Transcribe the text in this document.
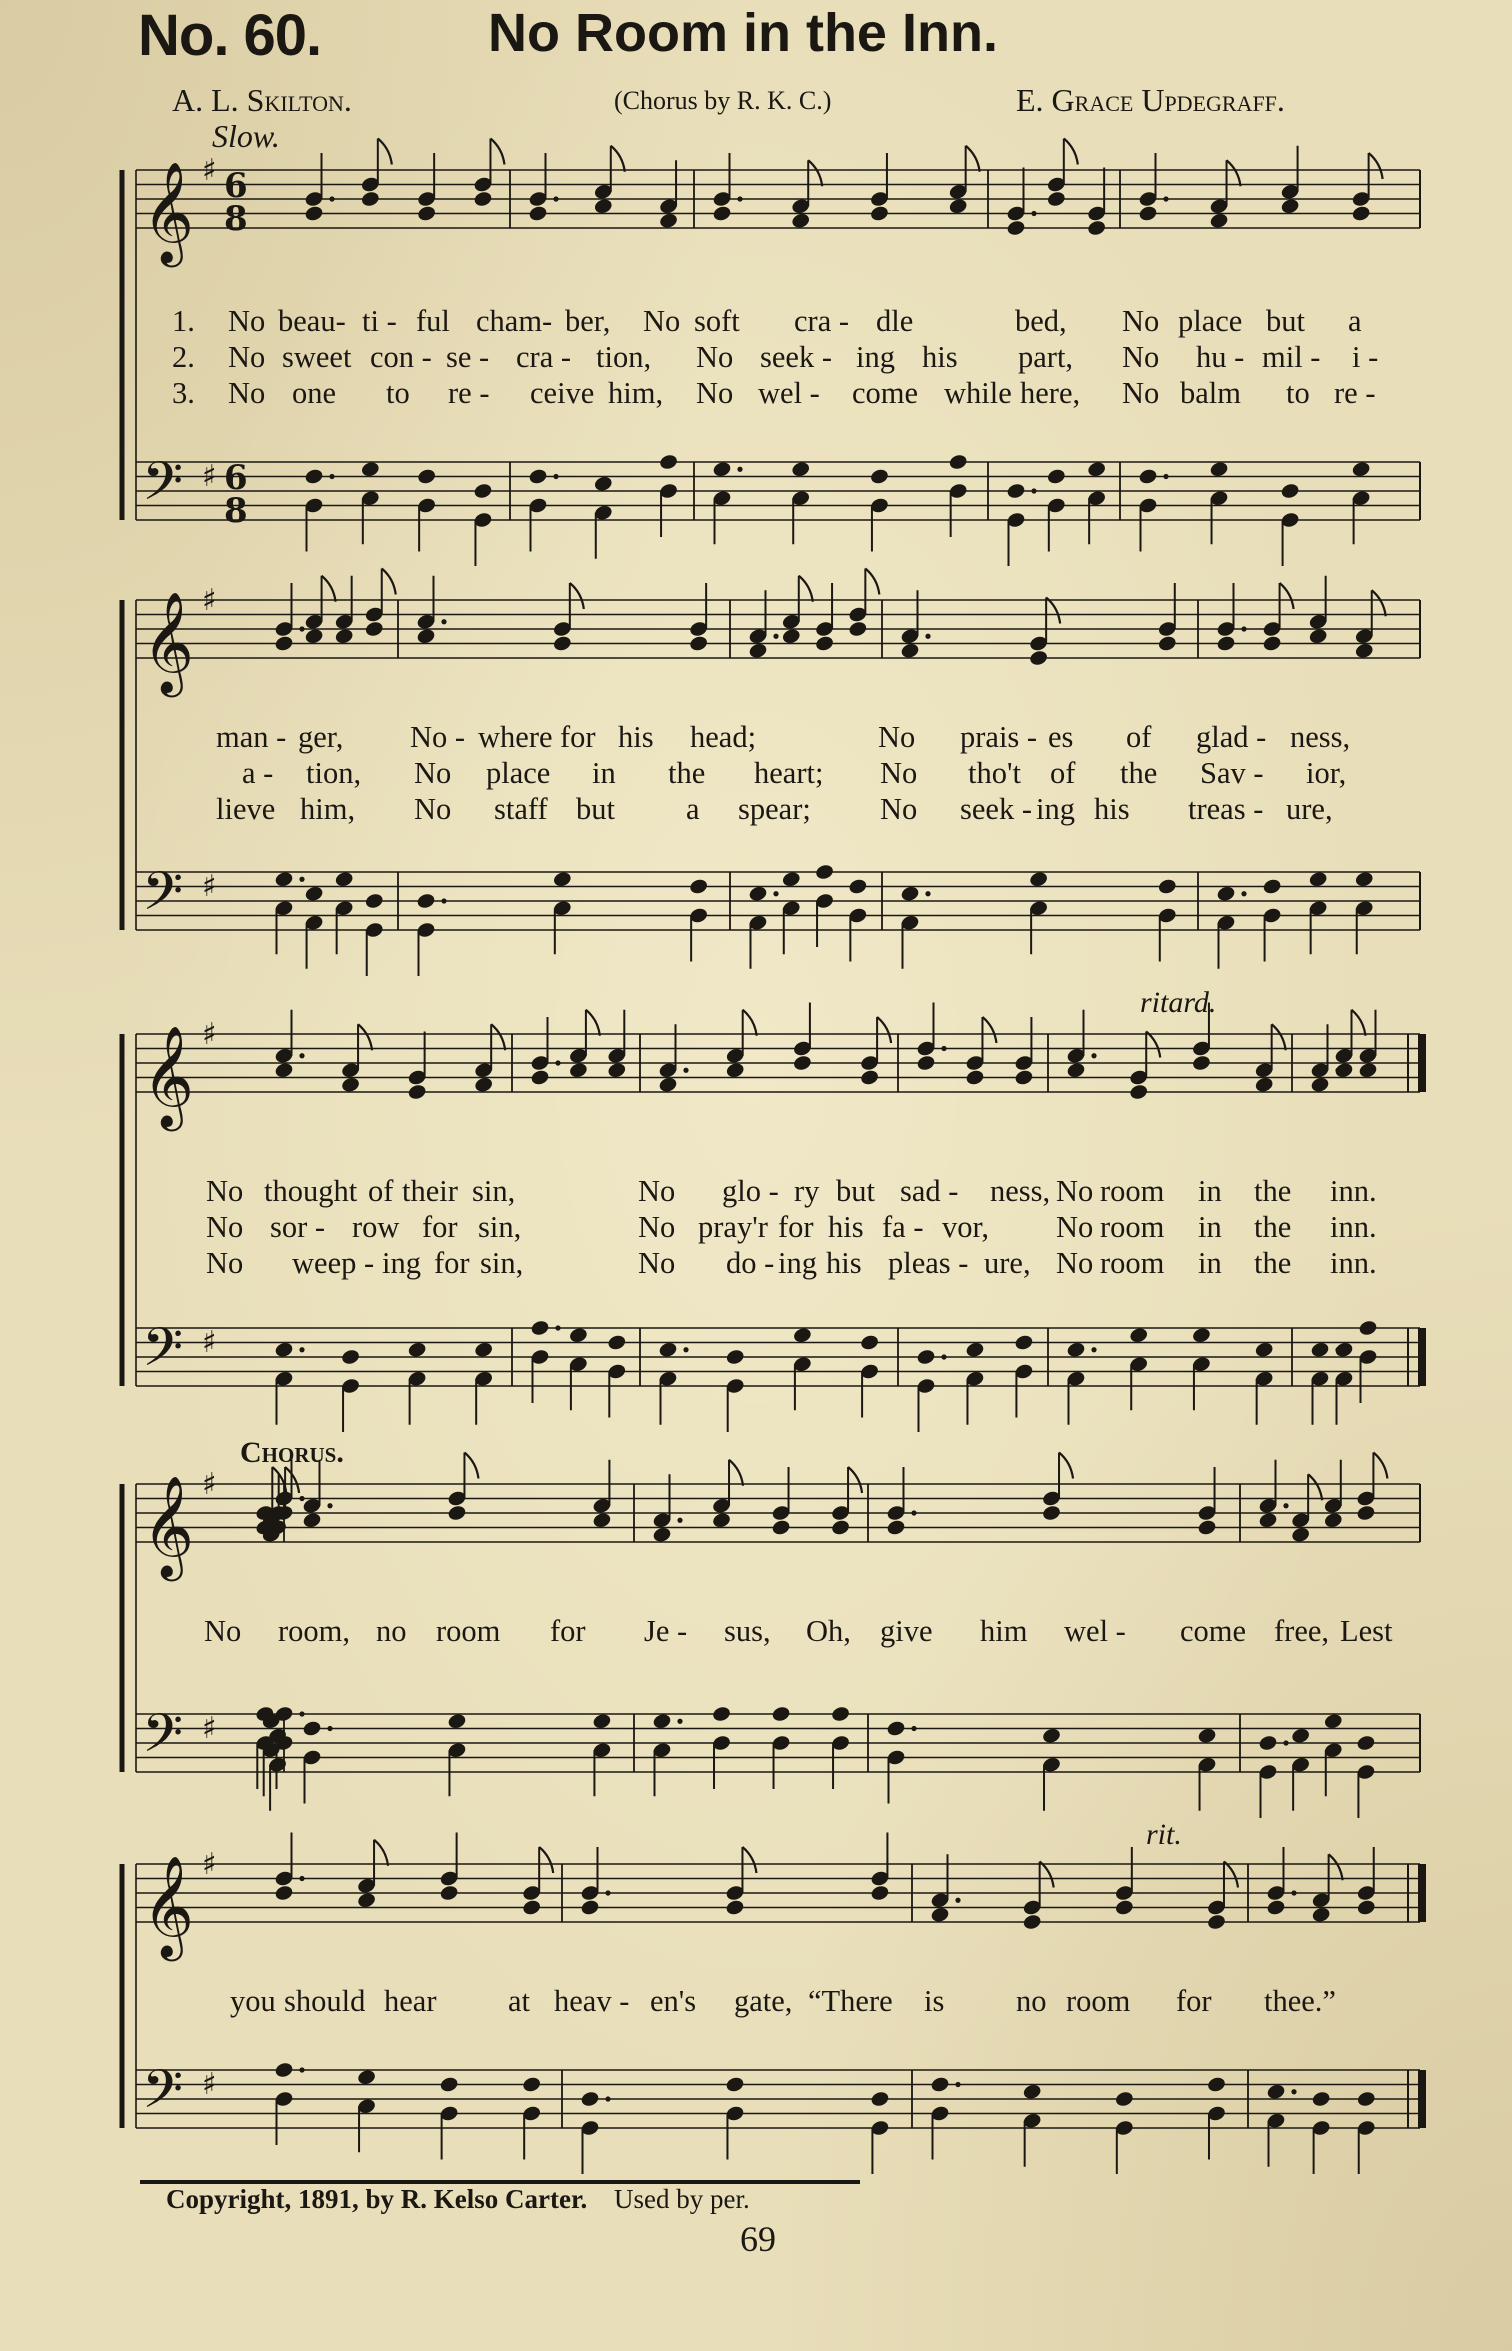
No. 60.	No Room in the Inn.
A. L. Skilton.	(Chorus by R. K. C.)	E. Grace Updegraff.
Slow.
𝄞
𝄢
♯
♯
6
8
6
8
𝄞
𝄢
♯
♯
𝄞
𝄢
♯
♯
𝄞
𝄢
♯
♯
𝄞
𝄢
♯
♯
1. No beau- ti - ful cham- ber, No soft cra - dle	bed, No place but a
2. No sweet con - se - cra - tion, No seek - ing his part, No hu - mil - i -
3. No one to re - ceive him, No wel - come while here, No balm to re -
man - ger, No - where for his head;	No prais - es of glad - ness,
a - tion, No place in the heart; No tho't of the Sav - ior,
lieve him, No staff but a spear; No seek - ing his treas - ure,
ritard.
No thought of their sin,	No glo - ry but sad - ness, No room in the inn.
No sor - row for sin,	No pray'r for his fa - vor, No room in the inn.
No weep - ing for sin,	No do - ing his pleas - ure, No room in the inn.
Chorus.
No room, no room for Je - sus, Oh, give him wel - come free, Lest
rit.
you should hear at heav - en's gate, “There is no room for thee.”
Copyright, 1891, by R. Kelso Carter. Used by per.
69
